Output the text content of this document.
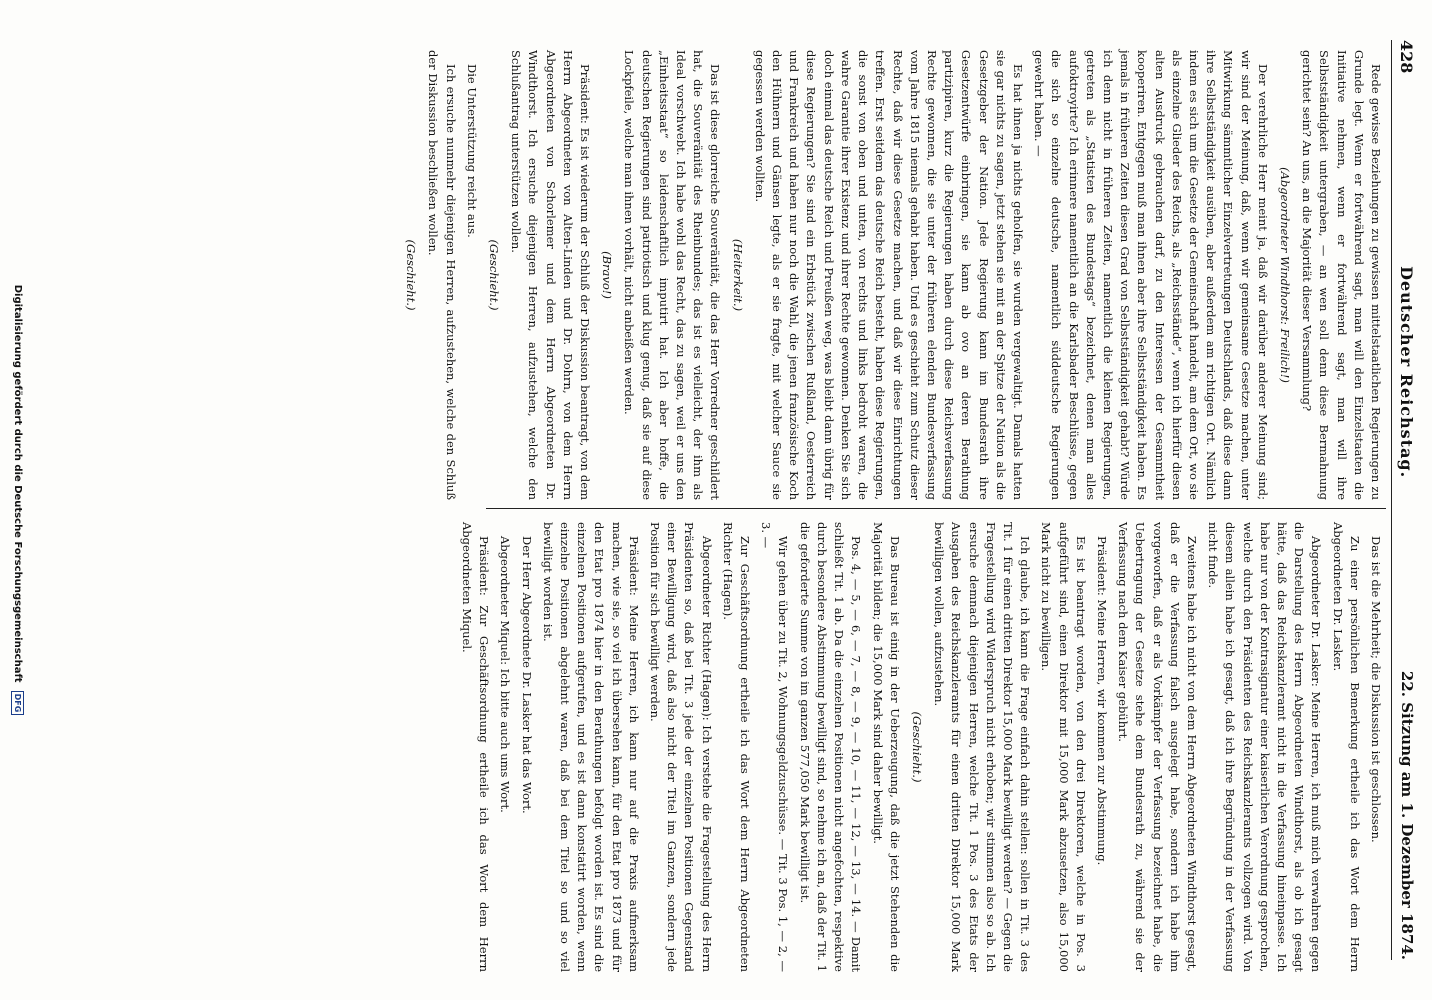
428
Deutscher Reichstag.
22. Sitzung am 1. Dezember 1874.

Rede gewisse Beziehungen zu gewissen mittelstaatlichen Regierungen zu Grunde legt. Wenn er fortwährend sagt, man will den Einzelstaaten die Initiative nehmen, wenn er fortwährend sagt, man will ihre Selbstständigkeit untergraben, — an wen soll denn diese Bermahnung gerichtet sein? An uns, an die Majorität dieser Versammlung?

(Abgeordneter Windthorst: Freilich!)

Der verehrliche Herr meint ja, daß wir darüber anderer Meinung sind; wir sind der Meinung, daß, wenn wir gemeinsame Gesetze machen, unter Mitwirkung sämmtlicher Einzelvertretungen Deutschlands, daß diese dann ihre Selbstständigkeit ausüben, aber außerdem am richtigen Ort. Nämlich indem es sich um die Gesetze der Gemeinschaft handelt, am dem Ort, wo sie als einzelne Glieder des Reichs, als „Reichsstände“, wenn ich hierfür diesen alten Ausdruck gebrauchen darf, zu den Interessen der Gesammtheit kooperiren. Entgegen muß man ihnen aber ihre Selbstständigkeit haben. Es jemals in früheren Zeiten diesen Grad von Selbstständigkeit gehabt? Würde ich denn nicht in früheren Zeiten, namentlich die kleinen Regierungen, getreten als „Statisten des Bundestags“ bezeichnet, denen man alles aufoktroyirte? Ich erinnere namentlich an die Karlsbader Beschlüsse, gegen die sich so einzelne deutsche, namentlich süddeutsche Regierungen gewehrt haben. —

Es hat ihnen ja nichts geholfen, sie wurden vergewaltigt. Damals hatten sie gar nichts zu sagen, jetzt stehen sie mit an der Spitze der Nation als die Gesetzgeber der Nation. Jede Regierung kann im Bundesrath ihre Gesetzentwürfe einbringen, sie kann ab ovo an deren Berathung partizipiren, kurz die Regierungen haben durch diese Reichsverfassung Rechte gewonnen, die sie unter der früheren elenden Bundesverfassung vom Jahre 1815 niemals gehabt haben. Und es geschieht zum Schutz dieser Rechte, daß wir diese Gesetze machen, und daß wir diese Einrichtungen treffen. Erst seitdem das deutsche Reich besteht, haben diese Regierungen, die sonst von oben und unten, von rechts und links bedroht waren, die wahre Garantie ihrer Existenz und ihrer Rechte gewonnen. Denken Sie sich doch einmal das deutsche Reich und Preußen weg, was bleibt dann übrig für diese Regierungen? Sie sind ein Erbstück zwischen Rußland, Oesterreich und Frankreich und haben nur noch die Wahl, die jenen französische Koch den Hühnern und Gänsen legte, als er sie fragte, mit welcher Sauce sie gegessen werden wollten.

(Heiterkeit.)

Das ist diese glorreiche Souveränität, die das Herr Vorredner geschildert hat, die Souveränität des Rheinbundes; das ist es vielleicht, der ihm als Ideal vorschwebt. Ich habe wohl das Recht, das zu sagen, weil er uns den „Einheitsstaat“ so leidenschaftlich imputirt hat. Ich aber hoffe, die deutschen Regierungen sind patriotisch und klug genug, daß sie auf diese Lockpfeile, welche man ihnen vorhält, nicht anbeißen werden.

(Bravo!)

Präsident: Es ist wiederum der Schluß der Diskussion beantragt, von dem Herrn Abgeordneten von Alten-Linden und Dr. Dohrn, von dem Herrn Abgeordneten von Schorlemer und dem Herrn Abgeordneten Dr. Windthorst. Ich ersuche diejenigen Herren, aufzustehen, welche den Schlußantrag unterstützen wollen.

(Geschieht.)

Die Unterstützung reicht aus.

Ich ersuche nunmehr diejenigen Herren, aufzustehen, welche den Schluß der Diskussion beschließen wollen.

(Geschieht.)

Das ist die Mehrheit; die Diskussion ist geschlossen.

Zu einer persönlichen Bemerkung ertheile ich das Wort dem Herrn Abgeordneten Dr. Lasker.

Abgeordneter Dr. Lasker: Meine Herren, ich muß mich verwahren gegen die Darstellung des Herrn Abgeordneten Windthorst, als ob ich gesagt hätte, daß das Reichskanzleramt nicht in die Verfassung hineinpasse. Ich habe nur von der Kontrasignatur einer kaiserlichen Verordnung gesprochen, welche durch den Präsidenten des Reichskanzleramts vollzogen wird. Von diesem allein habe ich gesagt, daß ich ihre Begründung in der Verfassung nicht finde.

Zweitens habe ich nicht von dem Herrn Abgeordneten Windthorst gesagt, daß er die Verfassung falsch ausgelegt habe, sondern ich habe ihm vorgeworfen, daß er als Vorkämpfer der Verfassung bezeichnet habe, die Uebertragung der Gesetze stehe dem Bundesrath zu, während sie der Verfassung nach dem Kaiser gebührt.

Präsident: Meine Herren, wir kommen zur Abstimmung.

Es ist beantragt worden, von den drei Direktoren, welche in Pos. 3 aufgeführt sind, einen Direktor mit 15,000 Mark abzusetzen, also 15,000 Mark nicht zu bewilligen.

Ich glaube, ich kann die Frage einfach dahin stellen: sollen in Tit. 3 des Tit. 1 für einen dritten Direktor 15,000 Mark bewilligt werden? — Gegen die Fragestellung wird Widerspruch nicht erhoben; wir stimmen also so ab. Ich ersuche demnach diejenigen Herren, welche Tit. 1 Pos. 3 des Etats der Ausgaben des Reichskanzleramts für einen dritten Direktor 15,000 Mark bewilligen wollen, aufzustehen.

(Geschieht.)

Das Bureau ist einig in der Ueberzeugung, daß die jetzt Stehenden die Majorität bilden; die 15,000 Mark sind daher bewilligt.

Pos. 4, — 5, — 6, — 7, — 8, — 9, — 10, — 11, — 12, — 13, — 14. — Damit schließt Tit. 1 ab. Da die einzelnen Positionen nicht angefochten, respektive durch besondere Abstimmung bewilligt sind, so nehme ich an, daß der Tit. 1 die geforderte Summe von im ganzen 577,050 Mark bewilligt ist.

Wir gehen über zu Tit. 2, Wohnungsgeldzuschüsse. — Tit. 3 Pos. 1, — 2, — 3. —

Zur Geschäftsordnung ertheile ich das Wort dem Herrn Abgeordneten Richter (Hagen).

Abgeordneter Richter (Hagen): Ich verstehe die Fragestellung des Herrn Präsidenten so, daß bei Tit. 3 jede der einzelnen Positionen Gegenstand einer Bewilligung wird, daß also nicht der Titel im Ganzen, sondern jede Position für sich bewilligt werden.

Präsident: Meine Herren, ich kann nur auf die Praxis aufmerksam machen, wie sie, so viel ich übersehen kann, für den Etat pro 1873 und für den Etat pro 1874 hier in den Berathungen befolgt worden ist. Es sind die einzelnen Positionen aufgerufen, und es ist dann konstatirt worden, wenn einzelne Positionen abgelehnt waren, daß bei dem Titel so und so viel bewilligt worden ist.

Der Herr Abgeordnete Dr. Lasker hat das Wort.

Abgeordneter Miquel: Ich bitte auch ums Wort.

Präsident: Zur Geschäftsordnung ertheile ich das Wort dem Herrn Abgeordneten Miquel.

Digitalisierung gefördert durch die Deutsche Forschungsgemeinschaft
DFG
